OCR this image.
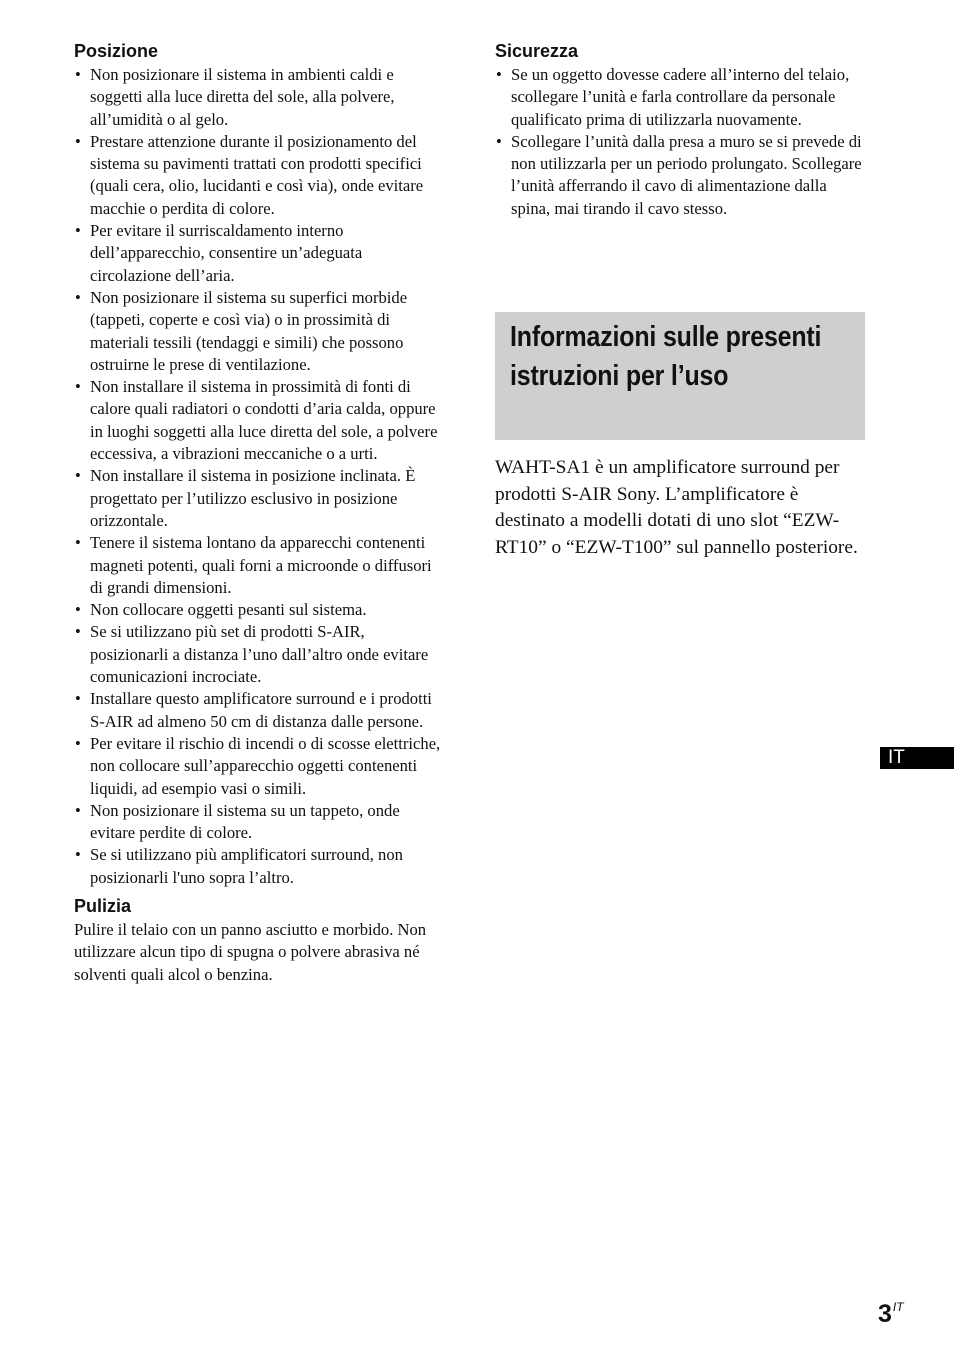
Posizione
• Non posizionare il sistema in ambienti caldi e soggetti alla luce diretta del sole, alla polvere, all’umidità o al gelo.
• Prestare attenzione durante il posizionamento del sistema su pavimenti trattati con prodotti specifici (quali cera, olio, lucidanti e così via), onde evitare macchie o perdita di colore.
• Per evitare il surriscaldamento interno dell’apparecchio, consentire un’adeguata circolazione dell’aria.
• Non posizionare il sistema su superfici morbide (tappeti, coperte e così via) o in prossimità di materiali tessili (tendaggi e simili) che possono ostruirne le prese di ventilazione.
• Non installare il sistema in prossimità di fonti di calore quali radiatori o condotti d’aria calda, oppure in luoghi soggetti alla luce diretta del sole, a polvere eccessiva, a vibrazioni meccaniche o a urti.
• Non installare il sistema in posizione inclinata. È progettato per l’utilizzo esclusivo in posizione orizzontale.
• Tenere il sistema lontano da apparecchi contenenti magneti potenti, quali forni a microonde o diffusori di grandi dimensioni.
• Non collocare oggetti pesanti sul sistema.
• Se si utilizzano più set di prodotti S-AIR, posizionarli a distanza l’uno dall’altro onde evitare comunicazioni incrociate.
• Installare questo amplificatore surround e i prodotti S-AIR ad almeno 50 cm di distanza dalle persone.
• Per evitare il rischio di incendi o di scosse elettriche, non collocare sull’apparecchio oggetti contenenti liquidi, ad esempio vasi o simili.
• Non posizionare il sistema su un tappeto, onde evitare perdite di colore.
• Se si utilizzano più amplificatori surround, non posizionarli l'uno sopra l’altro.
Pulizia

Pulire il telaio con un panno asciutto e morbido. Non utilizzare alcun tipo di spugna o polvere abrasiva né solventi quali alcol o benzina.

Sicurezza
• Se un oggetto dovesse cadere all’interno del telaio, scollegare l’unità e farla controllare da personale qualificato prima di utilizzarla nuovamente.
• Scollegare l’unità dalla presa a muro se si prevede di non utilizzarla per un periodo prolungato. Scollegare l’unità afferrando il cavo di alimentazione dalla spina, mai tirando il cavo stesso.
Informazioni sulle presenti istruzioni per l’uso

WAHT-SA1 è un amplificatore surround per prodotti S-AIR Sony. L’amplificatore è destinato a modelli dotati di uno slot “EZW-RT10” o “EZW-T100” sul pannello posteriore.

IT
$3^{IT}$
